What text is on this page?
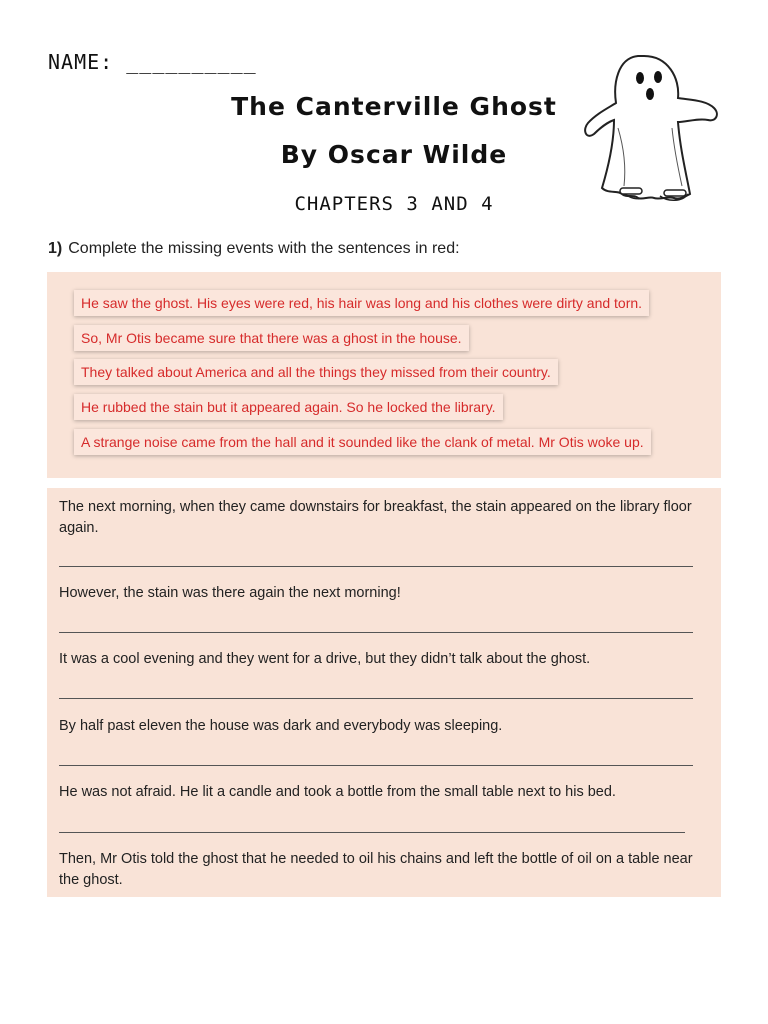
NAME: __________
The Canterville Ghost
By Oscar Wilde
CHAPTERS 3 AND 4
1) Complete the missing events with the sentences in red:
He saw the ghost. His eyes were red, his hair was long and his clothes were dirty and torn.
So, Mr Otis became sure that there was a ghost in the house.
They talked about America and all the things they missed from their country.
He rubbed the stain but it appeared again. So he locked the library.
A strange noise came from the hall and it sounded like the clank of metal. Mr Otis woke up.
The next morning, when they came downstairs for breakfast, the stain appeared on the library floor again.
However, the stain was there again the next morning!
It was a cool evening and they went for a drive, but they didn’t talk about the ghost.
By half past eleven the house was dark and everybody was sleeping.
He was not afraid. He lit a candle and took a bottle from the small table next to his bed.
Then, Mr Otis told the ghost that he needed to oil his chains and left the bottle of oil on a table near the ghost.
